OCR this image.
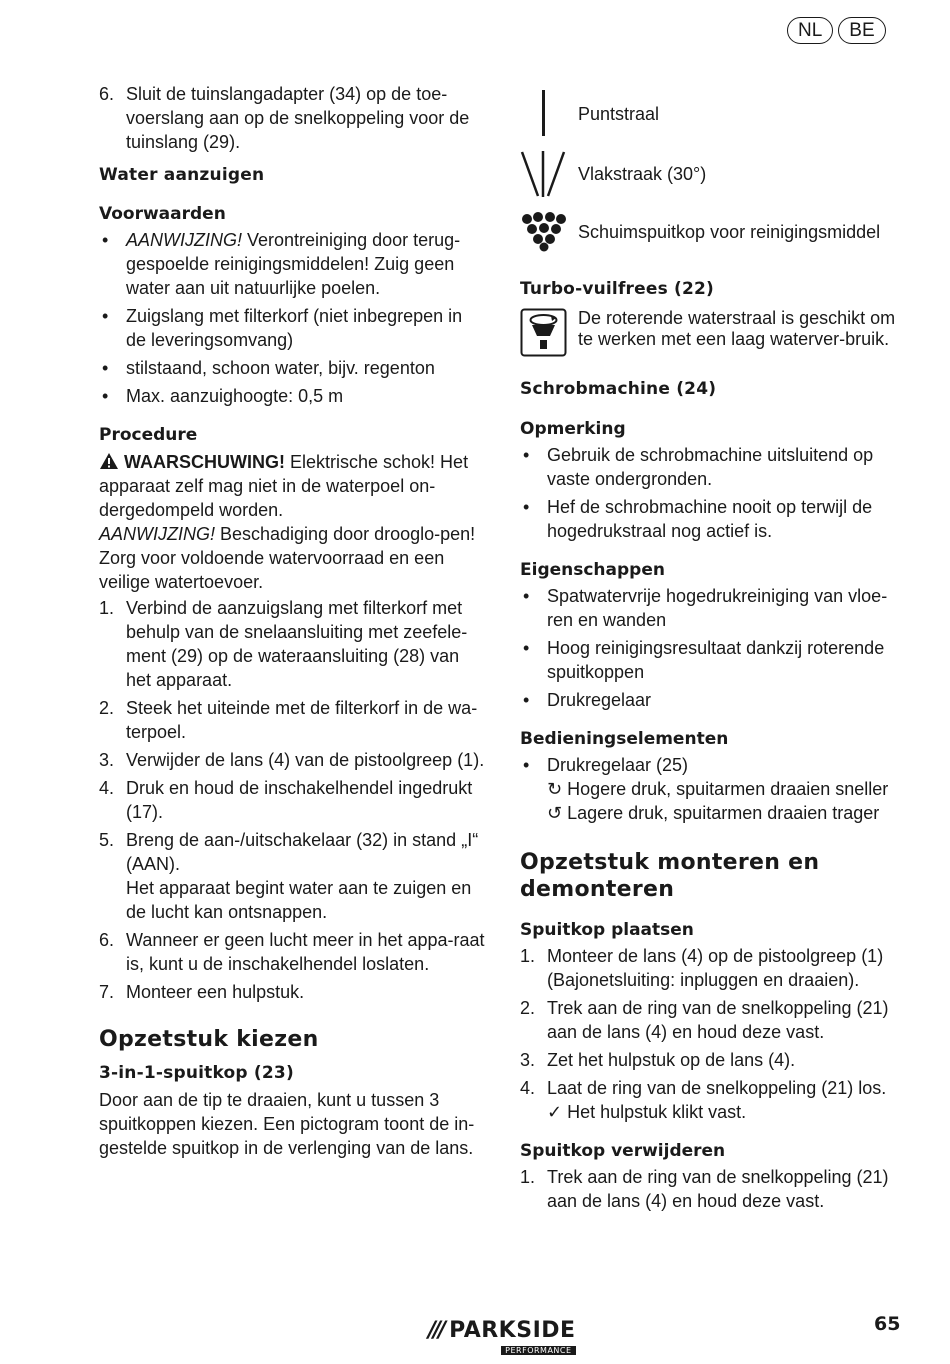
NL	BE
6. Sluit de tuinslangadapter (34) op de toe-voerslang aan op de snelkoppeling voor de tuinslang (29).
Water aanzuigen
Voorwaarden
• AANWIJZING! Verontreiniging door terug-gespoelde reinigingsmiddelen! Zuig geen water aan uit natuurlijke poelen.
• Zuigslang met filterkorf (niet inbegrepen in de leveringsomvang)
• stilstaand, schoon water, bijv. regenton
• Max. aanzuighoogte: 0,5 m
Procedure
WAARSCHUWING! Elektrische schok! Het apparaat zelf mag niet in de waterpoel on-dergedompeld worden.
AANWIJZING! Beschadiging door drooglo-pen! Zorg voor voldoende watervoorraad en een veilige watertoevoer.
1. Verbind de aanzuigslang met filterkorf met behulp van de snelaansluiting met zeefele-ment (29) op de wateraansluiting (28) van het apparaat.
2. Steek het uiteinde met de filterkorf in de wa-terpoel.
3. Verwijder de lans (4) van de pistoolgreep (1).
4. Druk en houd de inschakelhendel ingedrukt (17).
5. Breng de aan-/uitschakelaar (32) in stand „I“ (AAN).
Het apparaat begint water aan te zuigen en de lucht kan ontsnappen.
6. Wanneer er geen lucht meer in het appa-raat is, kunt u de inschakelhendel loslaten.
7. Monteer een hulpstuk.
Opzetstuk kiezen
3-in-1-spuitkop (23)
Door aan de tip te draaien, kunt u tussen 3 spuitkoppen kiezen. Een pictogram toont de in-gestelde spuitkop in de verlenging van de lans.
Puntstraal
Vlakstraak (30°)
Schuimspuitkop voor reinigingsmiddel
Turbo-vuilfrees (22)
De roterende waterstraal is geschikt om te werken met een laag waterver-bruik.
Schrobmachine (24)
Opmerking
• Gebruik de schrobmachine uitsluitend op vaste ondergronden.
• Hef de schrobmachine nooit op terwijl de hogedrukstraal nog actief is.
Eigenschappen
• Spatwatervrije hogedrukreiniging van vloe-ren en wanden
• Hoog reinigingsresultaat dankzij roterende spuitkoppen
• Drukregelaar
Bedieningselementen
• Drukregelaar (25)
↻ Hogere druk, spuitarmen draaien sneller
↺ Lagere druk, spuitarmen draaien trager
Opzetstuk monteren en
demonteren
Spuitkop plaatsen
1. Monteer de lans (4) op de pistoolgreep (1) (Bajonetsluiting: inpluggen en draaien).
2. Trek aan de ring van de snelkoppeling (21) aan de lans (4) en houd deze vast.
3. Zet het hulpstuk op de lans (4).
4. Laat de ring van de snelkoppeling (21) los.
✓ Het hulpstuk klikt vast.
Spuitkop verwijderen
1. Trek aan de ring van de snelkoppeling (21) aan de lans (4) en houd deze vast.
/// PARKSIDE
PERFORMANCE
65
